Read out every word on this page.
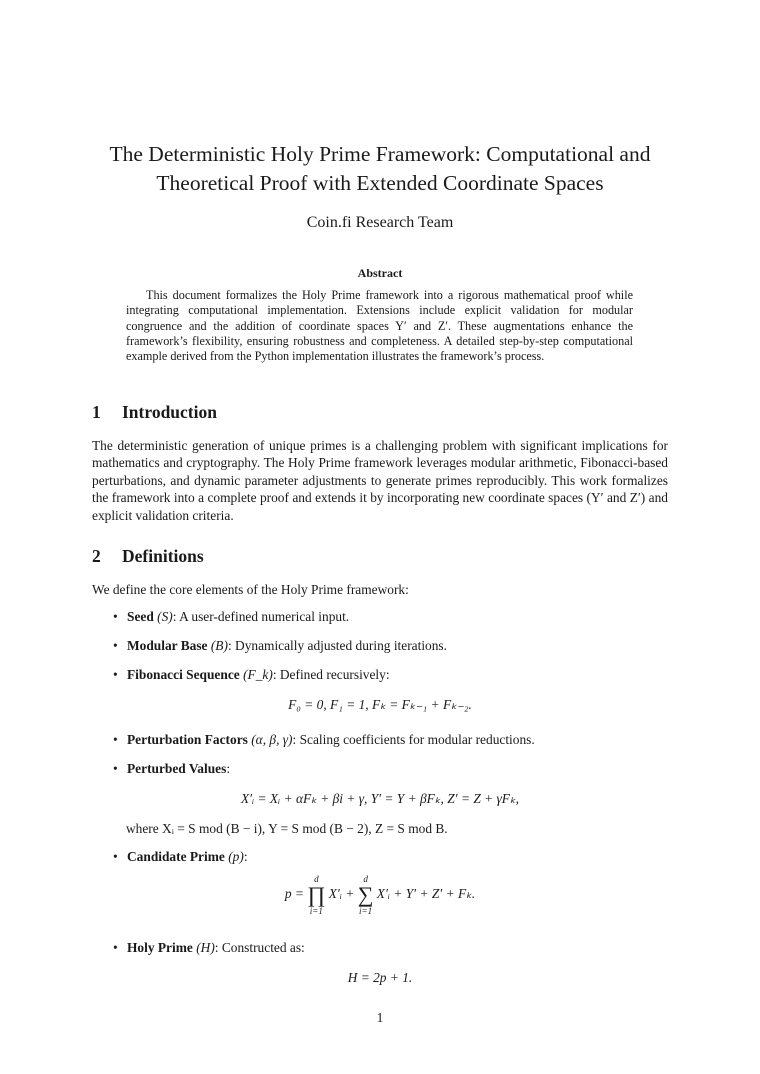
The Deterministic Holy Prime Framework: Computational and
Theoretical Proof with Extended Coordinate Spaces
Coin.fi Research Team
Abstract
This document formalizes the Holy Prime framework into a rigorous mathematical proof while integrating computational implementation. Extensions include explicit validation for modular congruence and the addition of coordinate spaces Y′ and Z′. These augmentations enhance the framework’s flexibility, ensuring robustness and completeness. A detailed step-by-step computational example derived from the Python implementation illustrates the framework’s process.
1 Introduction
The deterministic generation of unique primes is a challenging problem with significant implications for mathematics and cryptography. The Holy Prime framework leverages modular arithmetic, Fibonacci-based perturbations, and dynamic parameter adjustments to generate primes reproducibly. This work formalizes the framework into a complete proof and extends it by incorporating new coordinate spaces (Y′ and Z′) and explicit validation criteria.
2 Definitions
We define the core elements of the Holy Prime framework:
• Seed (S): A user-defined numerical input.
• Modular Base (B): Dynamically adjusted during iterations.
• Fibonacci Sequence (F_k): Defined recursively:
F₀ = 0, F₁ = 1, Fₖ = Fₖ₋₁ + Fₖ₋₂.
• Perturbation Factors (α, β, γ): Scaling coefficients for modular reductions.
• Perturbed Values:
X′ᵢ = Xᵢ + αFₖ + βi + γ, Y′ = Y + βFₖ, Z′ = Z + γFₖ,
where Xᵢ = S mod (B − i), Y = S mod (B − 2), Z = S mod B.
• Candidate Prime (p):
p =
d
∏
i=1
X′ᵢ +
d
∑
i=1
X′ᵢ + Y′ + Z′ + Fₖ.
• Holy Prime (H): Constructed as:
H = 2p + 1.
1
